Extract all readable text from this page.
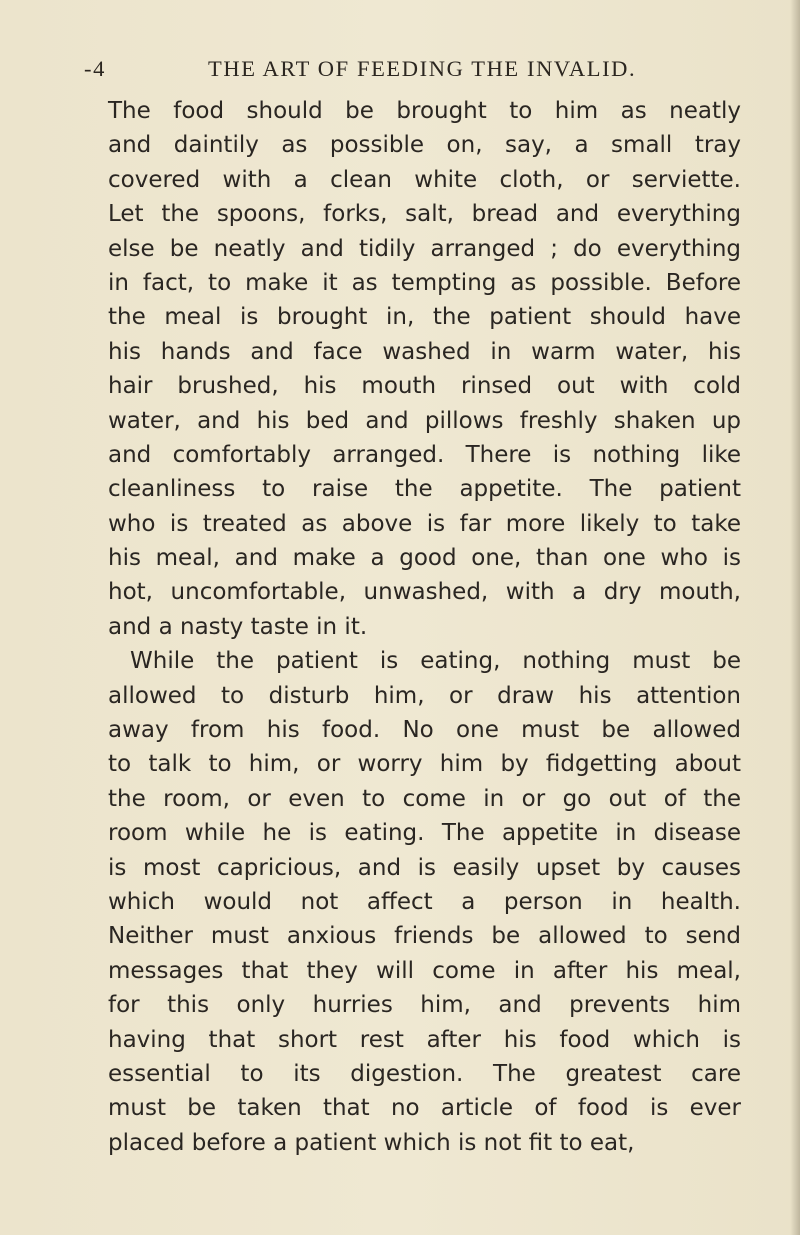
-4	THE ART OF FEEDING THE INVALID.
The food should be brought to him as neatly
and daintily as possible on, say, a small tray
covered with a clean white cloth, or serviette.
Let the spoons, forks, salt, bread and everything
else be neatly and tidily arranged ; do everything
in fact, to make it as tempting as possible. Before
the meal is brought in, the patient should have
his hands and face washed in warm water, his
hair brushed, his mouth rinsed out with cold
water, and his bed and pillows freshly shaken up
and comfortably arranged. There is nothing like
cleanliness to raise the appetite. The patient
who is treated as above is far more likely to take
his meal, and make a good one, than one who is
hot, uncomfortable, unwashed, with a dry mouth,
and a nasty taste in it.
While the patient is eating, nothing must be
allowed to disturb him, or draw his attention
away from his food. No one must be allowed
to talk to him, or worry him by fidgetting about
the room, or even to come in or go out of the
room while he is eating. The appetite in disease
is most capricious, and is easily upset by causes
which would not affect a person in health.
Neither must anxious friends be allowed to send
messages that they will come in after his meal,
for this only hurries him, and prevents him
having that short rest after his food which is
essential to its digestion. The greatest care
must be taken that no article of food is ever
placed before a patient which is not fit to eat,
